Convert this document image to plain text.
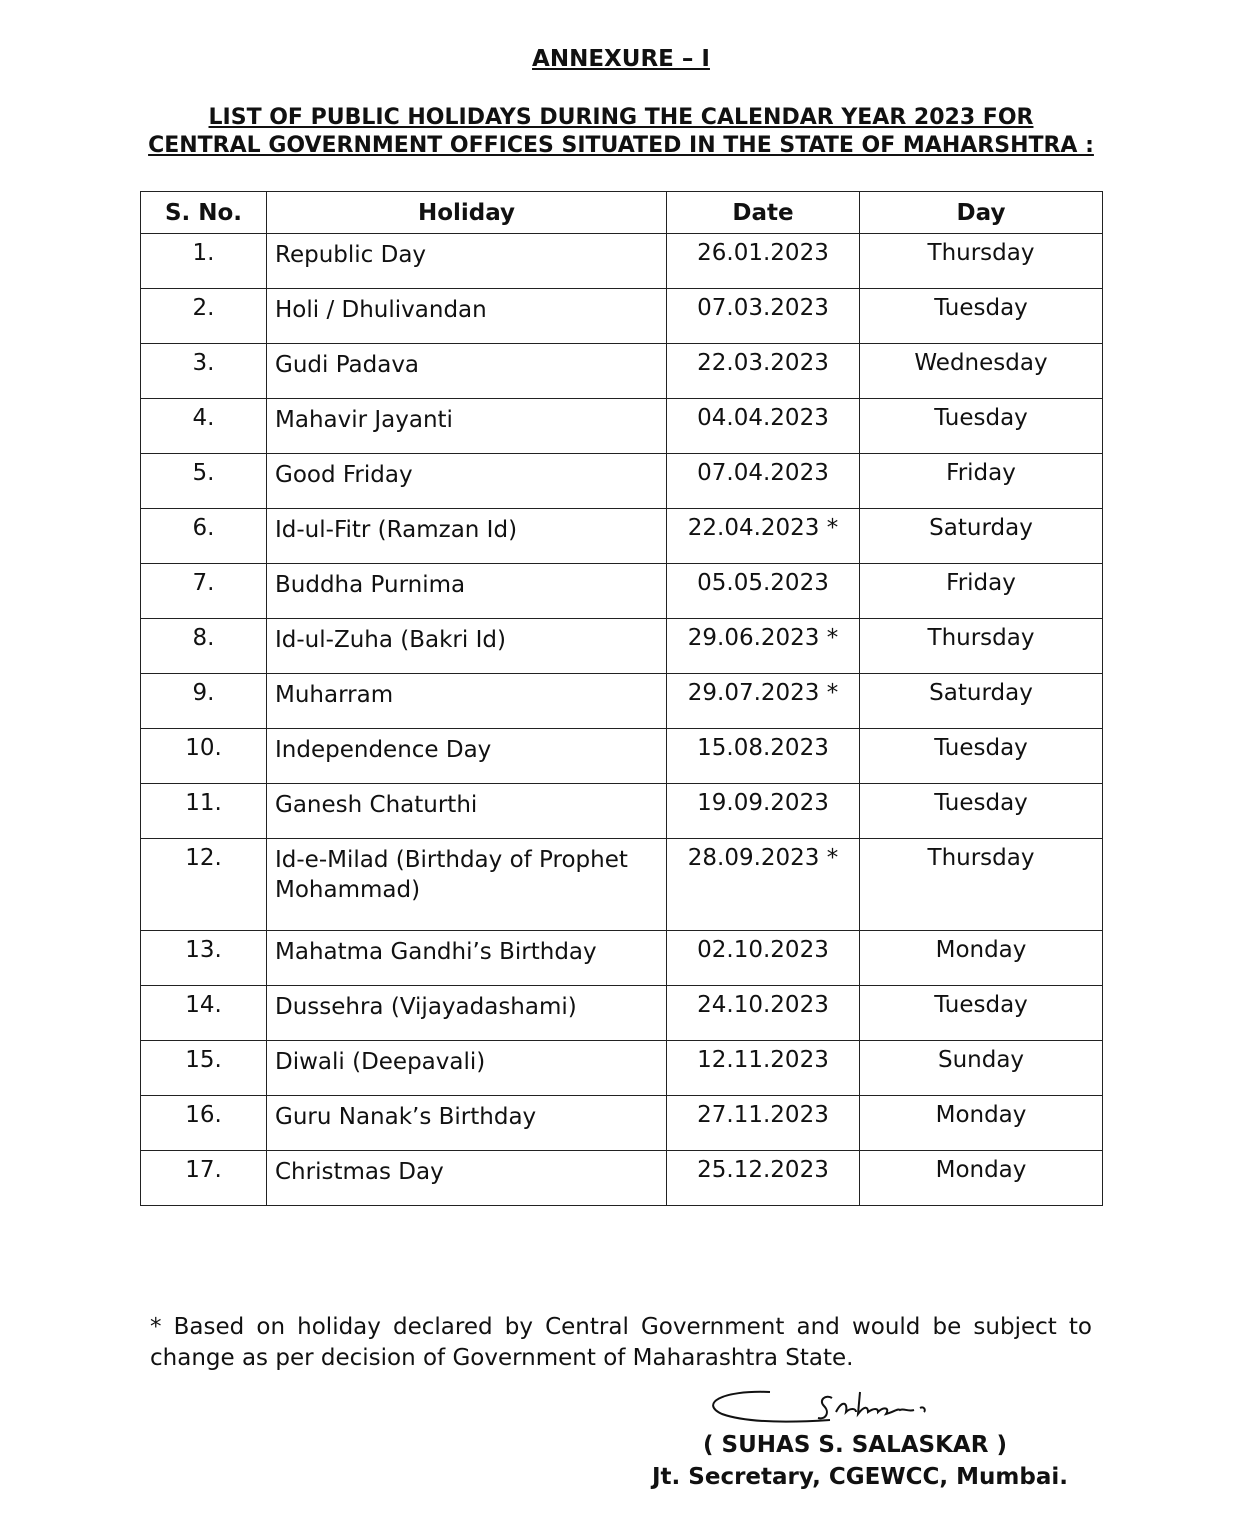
ANNEXURE – I
LIST OF PUBLIC HOLIDAYS DURING THE CALENDAR YEAR 2023 FOR
CENTRAL GOVERNMENT OFFICES SITUATED IN THE STATE OF MAHARSHTRA :
S. No.	Holiday	Date	Day
1.	Republic Day	26.01.2023	Thursday
2.	Holi / Dhulivandan	07.03.2023	Tuesday
3.	Gudi Padava	22.03.2023	Wednesday
4.	Mahavir Jayanti	04.04.2023	Tuesday
5.	Good Friday	07.04.2023	Friday
6.	Id-ul-Fitr (Ramzan Id)	22.04.2023 *	Saturday
7.	Buddha Purnima	05.05.2023	Friday
8.	Id-ul-Zuha (Bakri Id)	29.06.2023 *	Thursday
9.	Muharram	29.07.2023 *	Saturday
10.	Independence Day	15.08.2023	Tuesday
11.	Ganesh Chaturthi	19.09.2023	Tuesday
12.	Id-e-Milad (Birthday of Prophet Mohammad)	28.09.2023 *	Thursday
13.	Mahatma Gandhi’s Birthday	02.10.2023	Monday
14.	Dussehra (Vijayadashami)	24.10.2023	Tuesday
15.	Diwali (Deepavali)	12.11.2023	Sunday
16.	Guru Nanak’s Birthday	27.11.2023	Monday
17.	Christmas Day	25.12.2023	Monday
* Based on holiday declared by Central Government and would be subject to change as per decision of Government of Maharashtra State.
( SUHAS S. SALASKAR )
Jt. Secretary, CGEWCC, Mumbai.
